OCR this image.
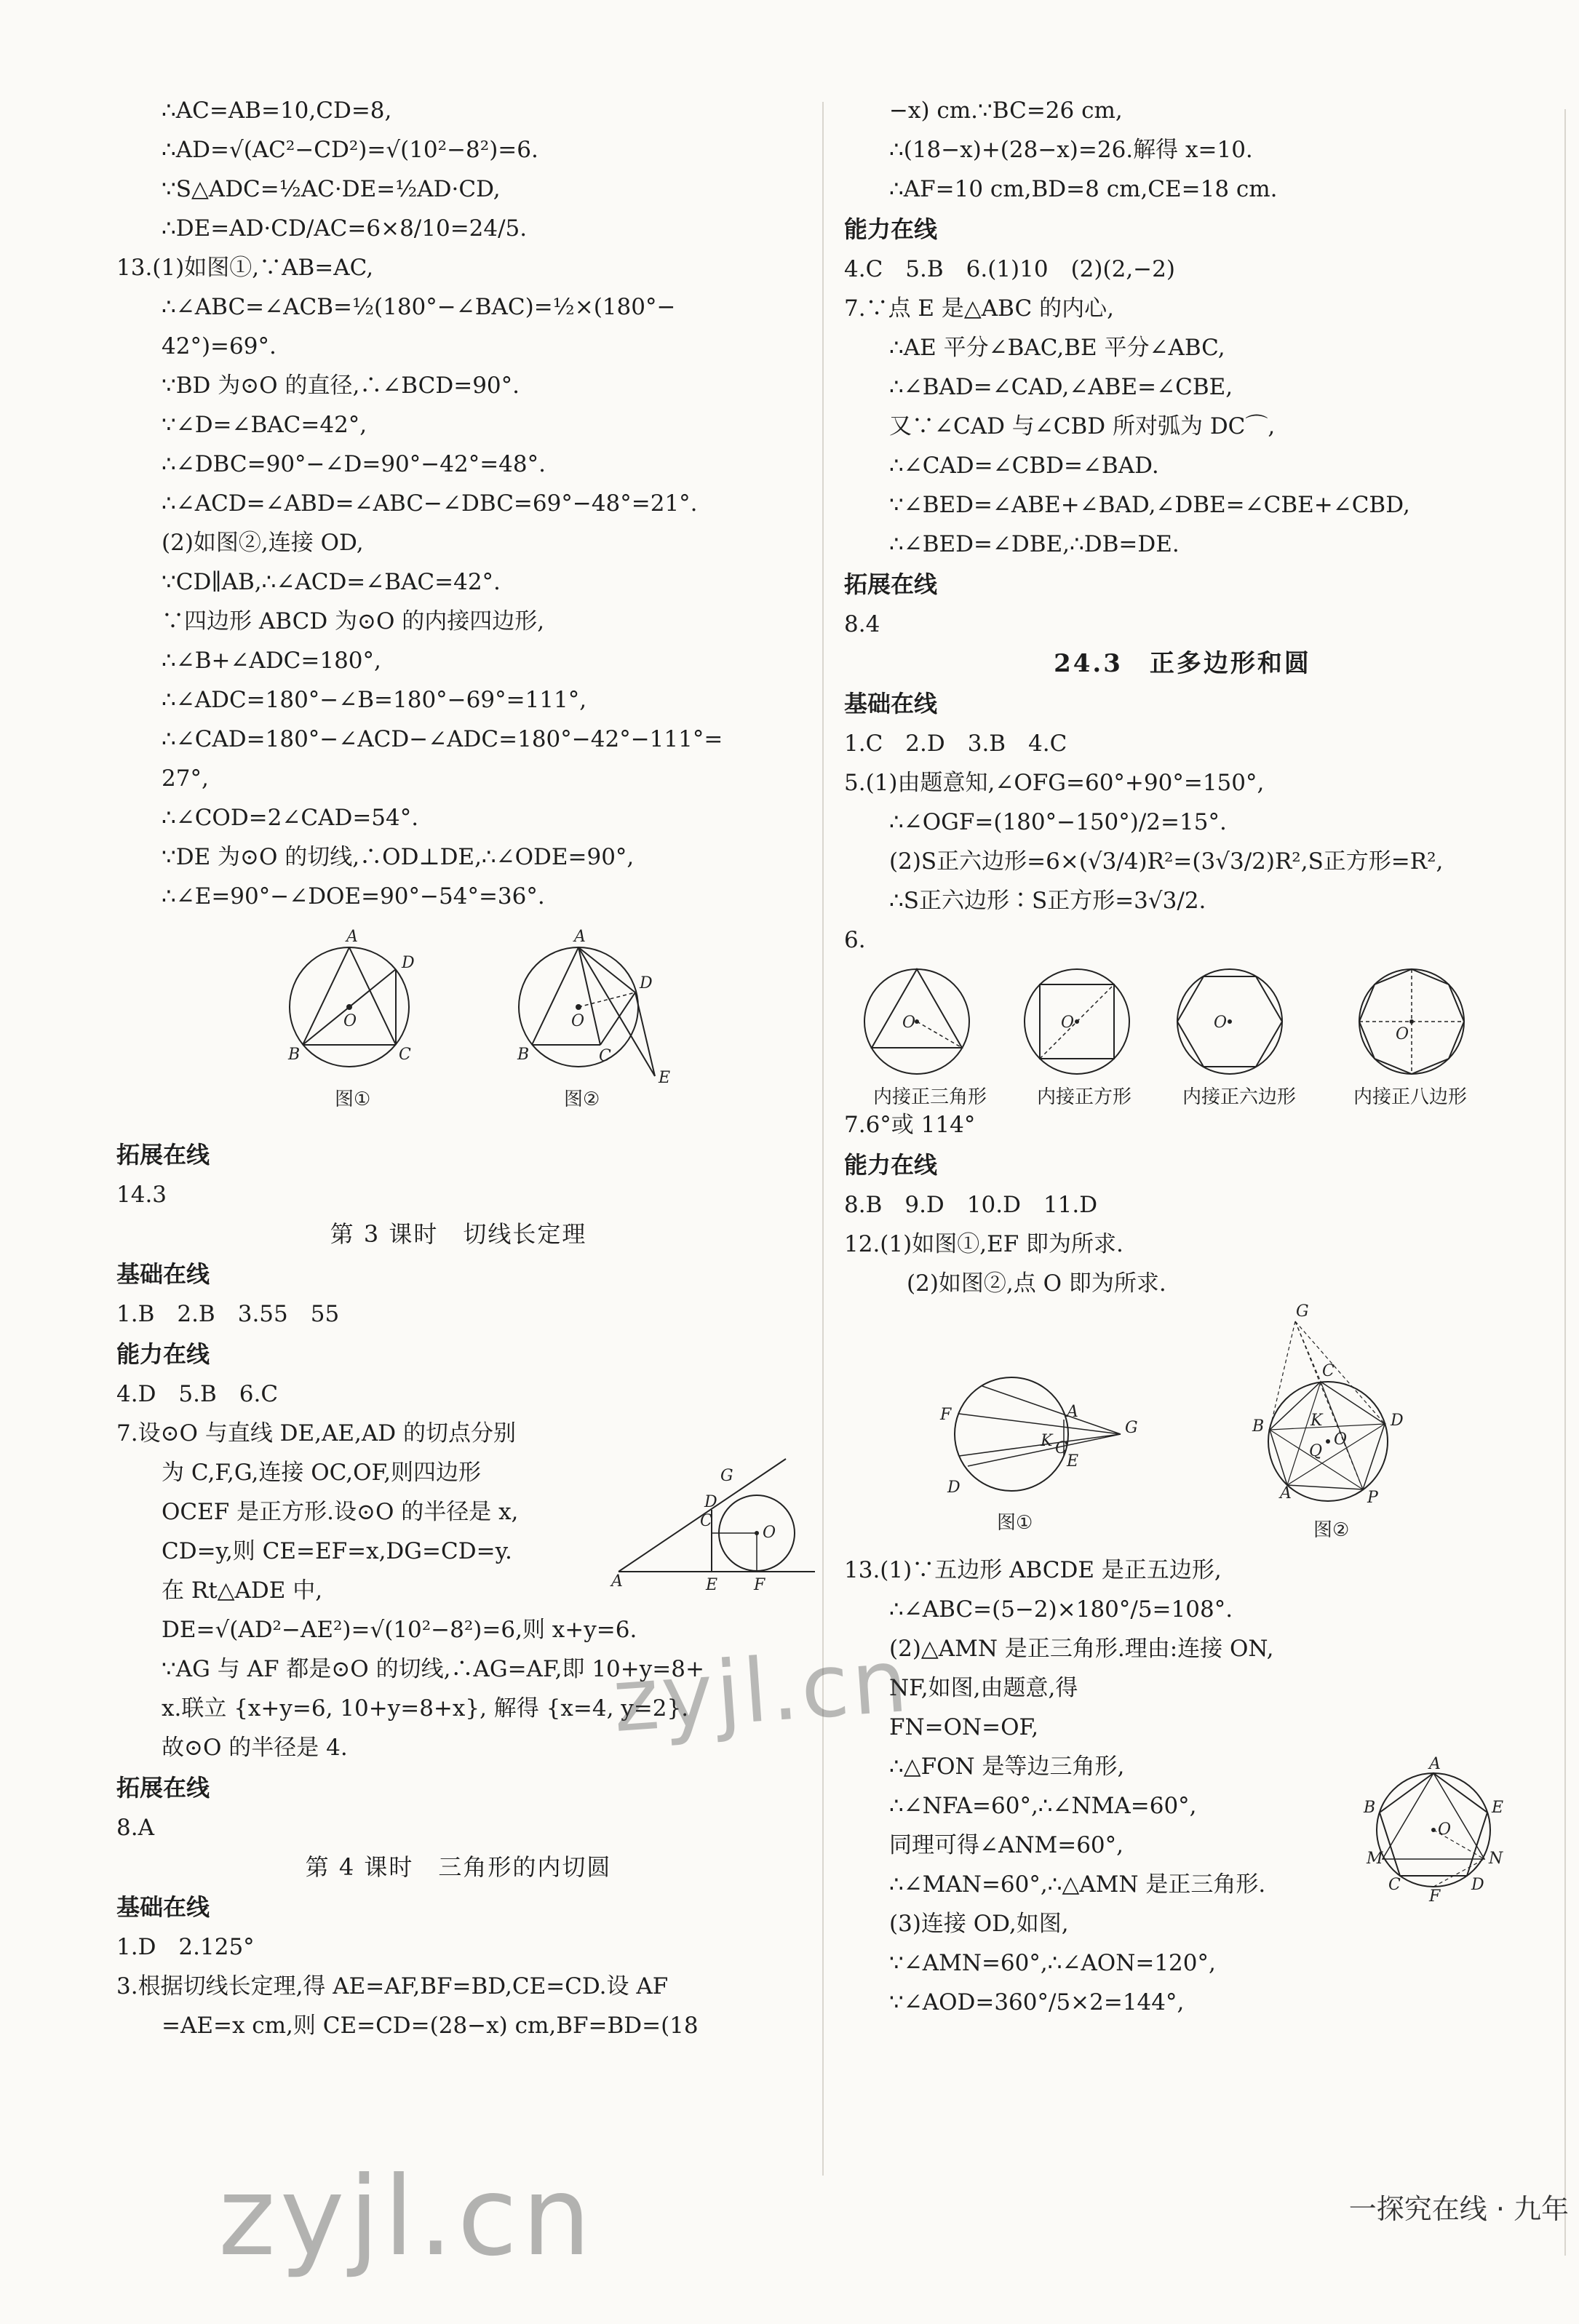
∴AC=AB=10,CD=8,
∴AD=√(AC²−CD²)=√(10²−8²)=6.
∵S△ADC=½AC·DE=½AD·CD,
∴DE=AD·CD/AC=6×8/10=24/5.
13.(1)如图①,∵AB=AC,
∴∠ABC=∠ACB=½(180°−∠BAC)=½×(180°−
42°)=69°.
∵BD 为⊙O 的直径,∴∠BCD=90°.
∵∠D=∠BAC=42°,
∴∠DBC=90°−∠D=90°−42°=48°.
∴∠ACD=∠ABD=∠ABC−∠DBC=69°−48°=21°.
(2)如图②,连接 OD,
∵CD∥AB,∴∠ACD=∠BAC=42°.
∵四边形 ABCD 为⊙O 的内接四边形,
∴∠B+∠ADC=180°,
∴∠ADC=180°−∠B=180°−69°=111°,
∴∠CAD=180°−∠ACD−∠ADC=180°−42°−111°=
27°,
∴∠COD=2∠CAD=54°.
∵DE 为⊙O 的切线,∴OD⊥DE,∴∠ODE=90°,
∴∠E=90°−∠DOE=90°−54°=36°.
A
D
B	C
O
图①
A
D
B	C
O
E
图②
拓展在线
14.3
第 3 课时　切线长定理
基础在线
1.B　2.B　3.55　55
能力在线
4.D　5.B　6.C
7.设⊙O 与直线 DE,AE,AD 的切点分别
为 C,F,G,连接 OC,OF,则四边形
OCEF 是正方形.设⊙O 的半径是 x,
CD=y,则 CE=EF=x,DG=CD=y.
在 Rt△ADE 中,
DE=√(AD²−AE²)=√(10²−8²)=6,则 x+y=6.
∵AG 与 AF 都是⊙O 的切线,∴AG=AF,即 10+y=8+
x.联立 {x+y=6, 10+y=8+x}, 解得 {x=4, y=2}.
故⊙O 的半径是 4.
拓展在线
8.A
第 4 课时　三角形的内切圆
基础在线
1.D　2.125°
3.根据切线长定理,得 AE=AF,BF=BD,CE=CD.设 AF
=AE=x cm,则 CE=CD=(28−x) cm,BF=BD=(18
A	E F
C
O
D
G
−x) cm.∵BC=26 cm,
∴(18−x)+(28−x)=26.解得 x=10.
∴AF=10 cm,BD=8 cm,CE=18 cm.
能力在线
4.C　5.B　6.(1)10　(2)(2,−2)
7.∵点 E 是△ABC 的内心,
∴AE 平分∠BAC,BE 平分∠ABC,
∴∠BAD=∠CAD,∠ABE=∠CBE,
又∵∠CAD 与∠CBD 所对弧为 DC⌒,
∴∠CAD=∠CBD=∠BAD.
∵∠BED=∠ABE+∠BAD,∠DBE=∠CBE+∠CBD,
∴∠BED=∠DBE,∴DB=DE.
拓展在线
8.4
24.3　正多边形和圆
基础在线
1.C　2.D　3.B　4.C
5.(1)由题意知,∠OFG=60°+90°=150°,
∴∠OGF=(180°−150°)/2=15°.
(2)S正六边形=6×(√3/4)R²=(3√3/2)R²,S正方形=R²,
∴S正六边形∶S正方形=3√3/2.
6.
O	O	O
O
内接正三角形	内接正方形	内接正六边形	内接正八边形
7.6°或 114°
能力在线
8.B　9.D　10.D　11.D
12.(1)如图①,EF 即为所求.
(2)如图②,点 O 即为所求.
F
D
A
E
K C
G
图①
G
C
D
B
A	P
O
K
Q
图②
13.(1)∵五边形 ABCDE 是正五边形,
∴∠ABC=(5−2)×180°/5=108°.
(2)△AMN 是正三角形.理由:连接 ON,
NF,如图,由题意,得
FN=ON=OF,
∴△FON 是等边三角形,
∴∠NFA=60°,∴∠NMA=60°,
同理可得∠ANM=60°,
∴∠MAN=60°,∴△AMN 是正三角形.
(3)连接 OD,如图,
∵∠AMN=60°,∴∠AON=120°,
∵∠AOD=360°/5×2=144°,
A
E
B
M	N
C	D
F
O
一探究在线 · 九年
zyjl.cn
zyjl.cn
